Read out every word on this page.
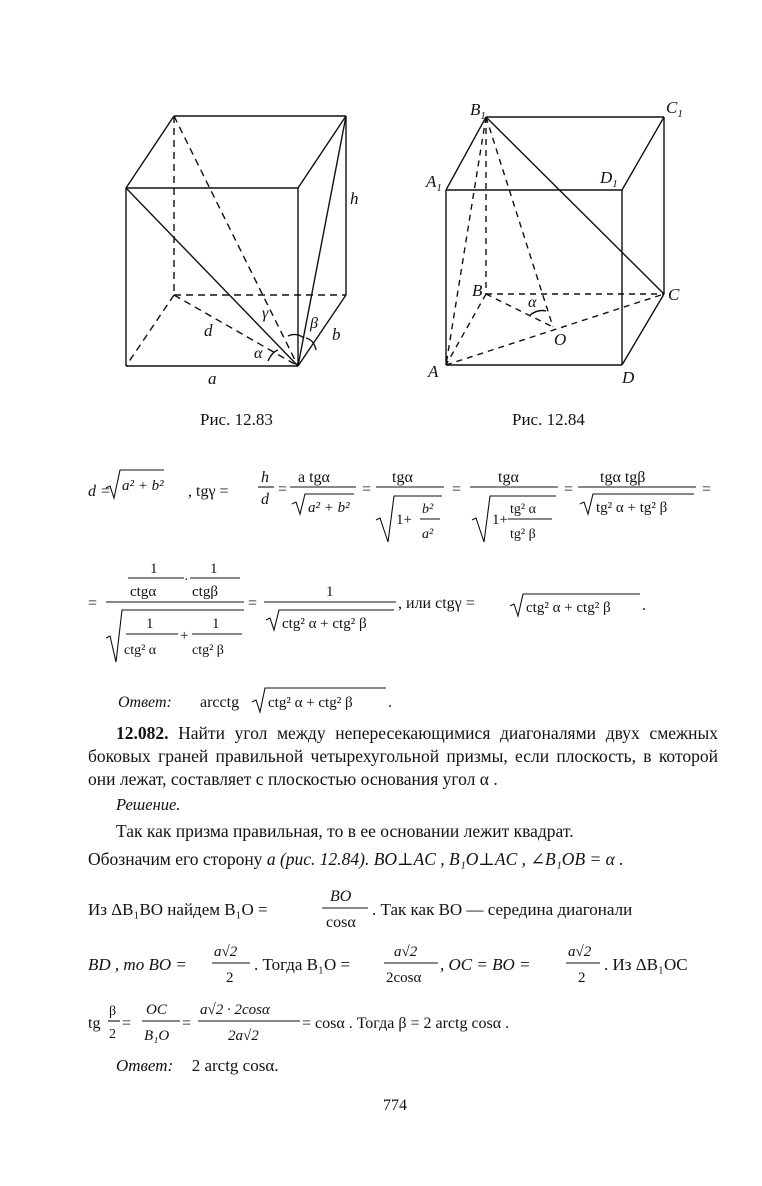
h
γ
β
b
d
α
a
Рис. 12.83
$B_1$	$C_1$
$A_1$
$D_1$
B	C
α
O
A	D
Рис. 12.84
d = a² + b² , tgγ =
h
d
=
a tgα
a² + b²
=
tgα
1+
b²
a²
=
tgα
1+
tg² α
tg² β
=
tgα tgβ
tg² α + tg² β
=
=
1	1
·
ctgα ctgβ
1
+
1
ctg² α	ctg² β
=
1
ctg² α + ctg² β
, или ctgγ =	ctg² α + ctg² β .
Ответ: arcctg ctg² α + ctg² β .
12.082. Найти угол между непересекающимися диагоналями двух смежных боковых граней правильной четырехугольной призмы, если плоскость, в которой они лежат, составляет с плоскостью основания угол α .
Решение.
Так как призма правильная, то в ее основании лежит квадрат.
Обозначим его сторону a (рис. 12.84). BO⊥AC , B₁O⊥AC , ∠B₁OB = α .
Из ΔB₁BO найдем B₁O =
BO
cosα
. Так как BO — середина диагонали
BD , то BO =
a√2
2
. Тогда B₁O =
a√2
2cosα
, OC = BO =
a√2
2
. Из ΔB₁OC
tg
β
2
=
OC
B₁O
=
a√2 · 2cosα
2a√2
= cosα . Тогда β = 2 arctg cosα .
Ответ: 2 arctg cosα.
774
